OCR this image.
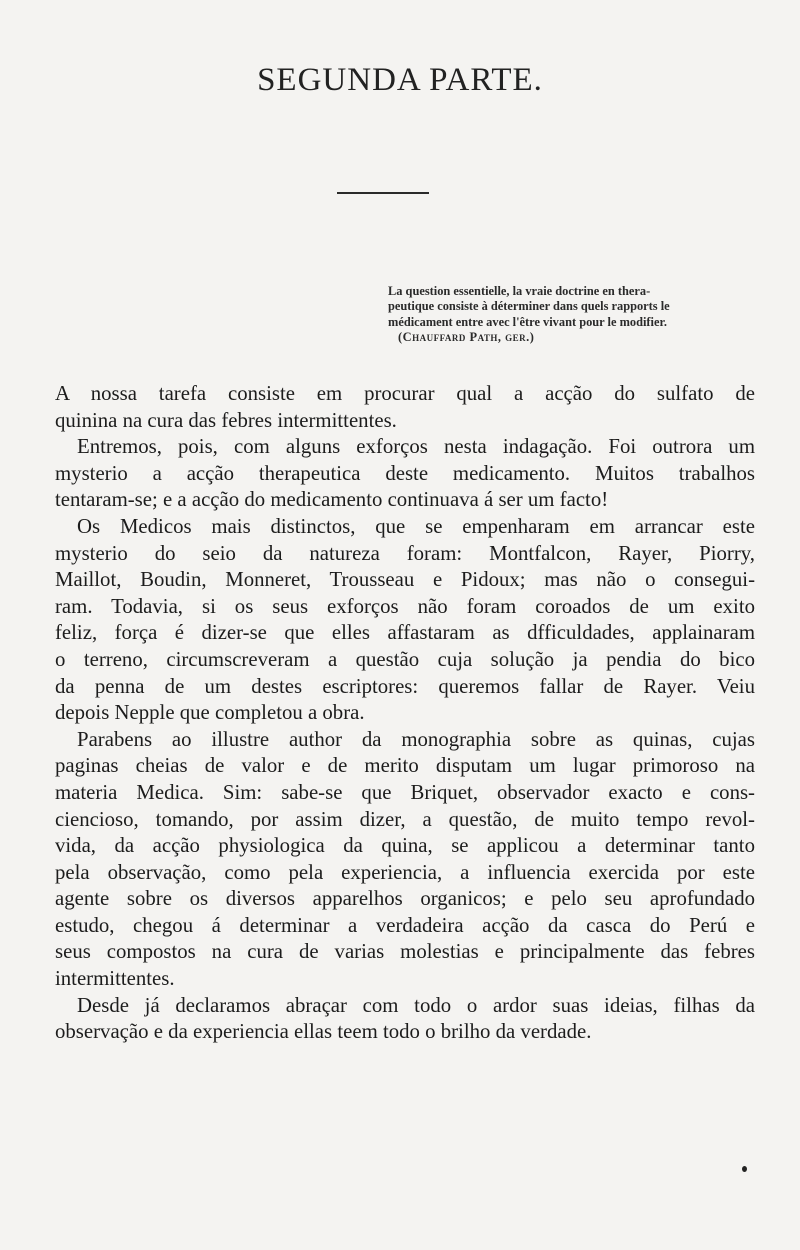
SEGUNDA PARTE.
La question essentielle, la vraie doctrine en thera-
peutique consiste à déterminer dans quels rapports le
médicament entre avec l'être vivant pour le modifier.
(Chauffard Path, ger.)
A nossa tarefa consiste em procurar qual a acção do sulfato de
quinina na cura das febres intermittentes.
Entremos, pois, com alguns exforços nesta indagação. Foi outrora um
mysterio a acção therapeutica deste medicamento. Muitos trabalhos
tentaram-se; e a acção do medicamento continuava á ser um facto!
Os Medicos mais distinctos, que se empenharam em arrancar este
mysterio do seio da natureza foram: Montfalcon, Rayer, Piorry,
Maillot, Boudin, Monneret, Trousseau e Pidoux; mas não o consegui-
ram. Todavia, si os seus exforços não foram coroados de um exito
feliz, força é dizer-se que elles affastaram as dfficuldades, applainaram
o terreno, circumscreveram a questão cuja solução ja pendia do bico
da penna de um destes escriptores: queremos fallar de Rayer. Veiu
depois Nepple que completou a obra.
Parabens ao illustre author da monographia sobre as quinas, cujas
paginas cheias de valor e de merito disputam um lugar primoroso na
materia Medica. Sim: sabe-se que Briquet, observador exacto e cons-
ciencioso, tomando, por assim dizer, a questão, de muito tempo revol-
vida, da acção physiologica da quina, se applicou a determinar tanto
pela observação, como pela experiencia, a influencia exercida por este
agente sobre os diversos apparelhos organicos; e pelo seu aprofundado
estudo, chegou á determinar a verdadeira acção da casca do Perú e
seus compostos na cura de varias molestias e principalmente das febres
intermittentes.
Desde já declaramos abraçar com todo o ardor suas ideias, filhas da
observação e da experiencia ellas teem todo o brilho da verdade.
